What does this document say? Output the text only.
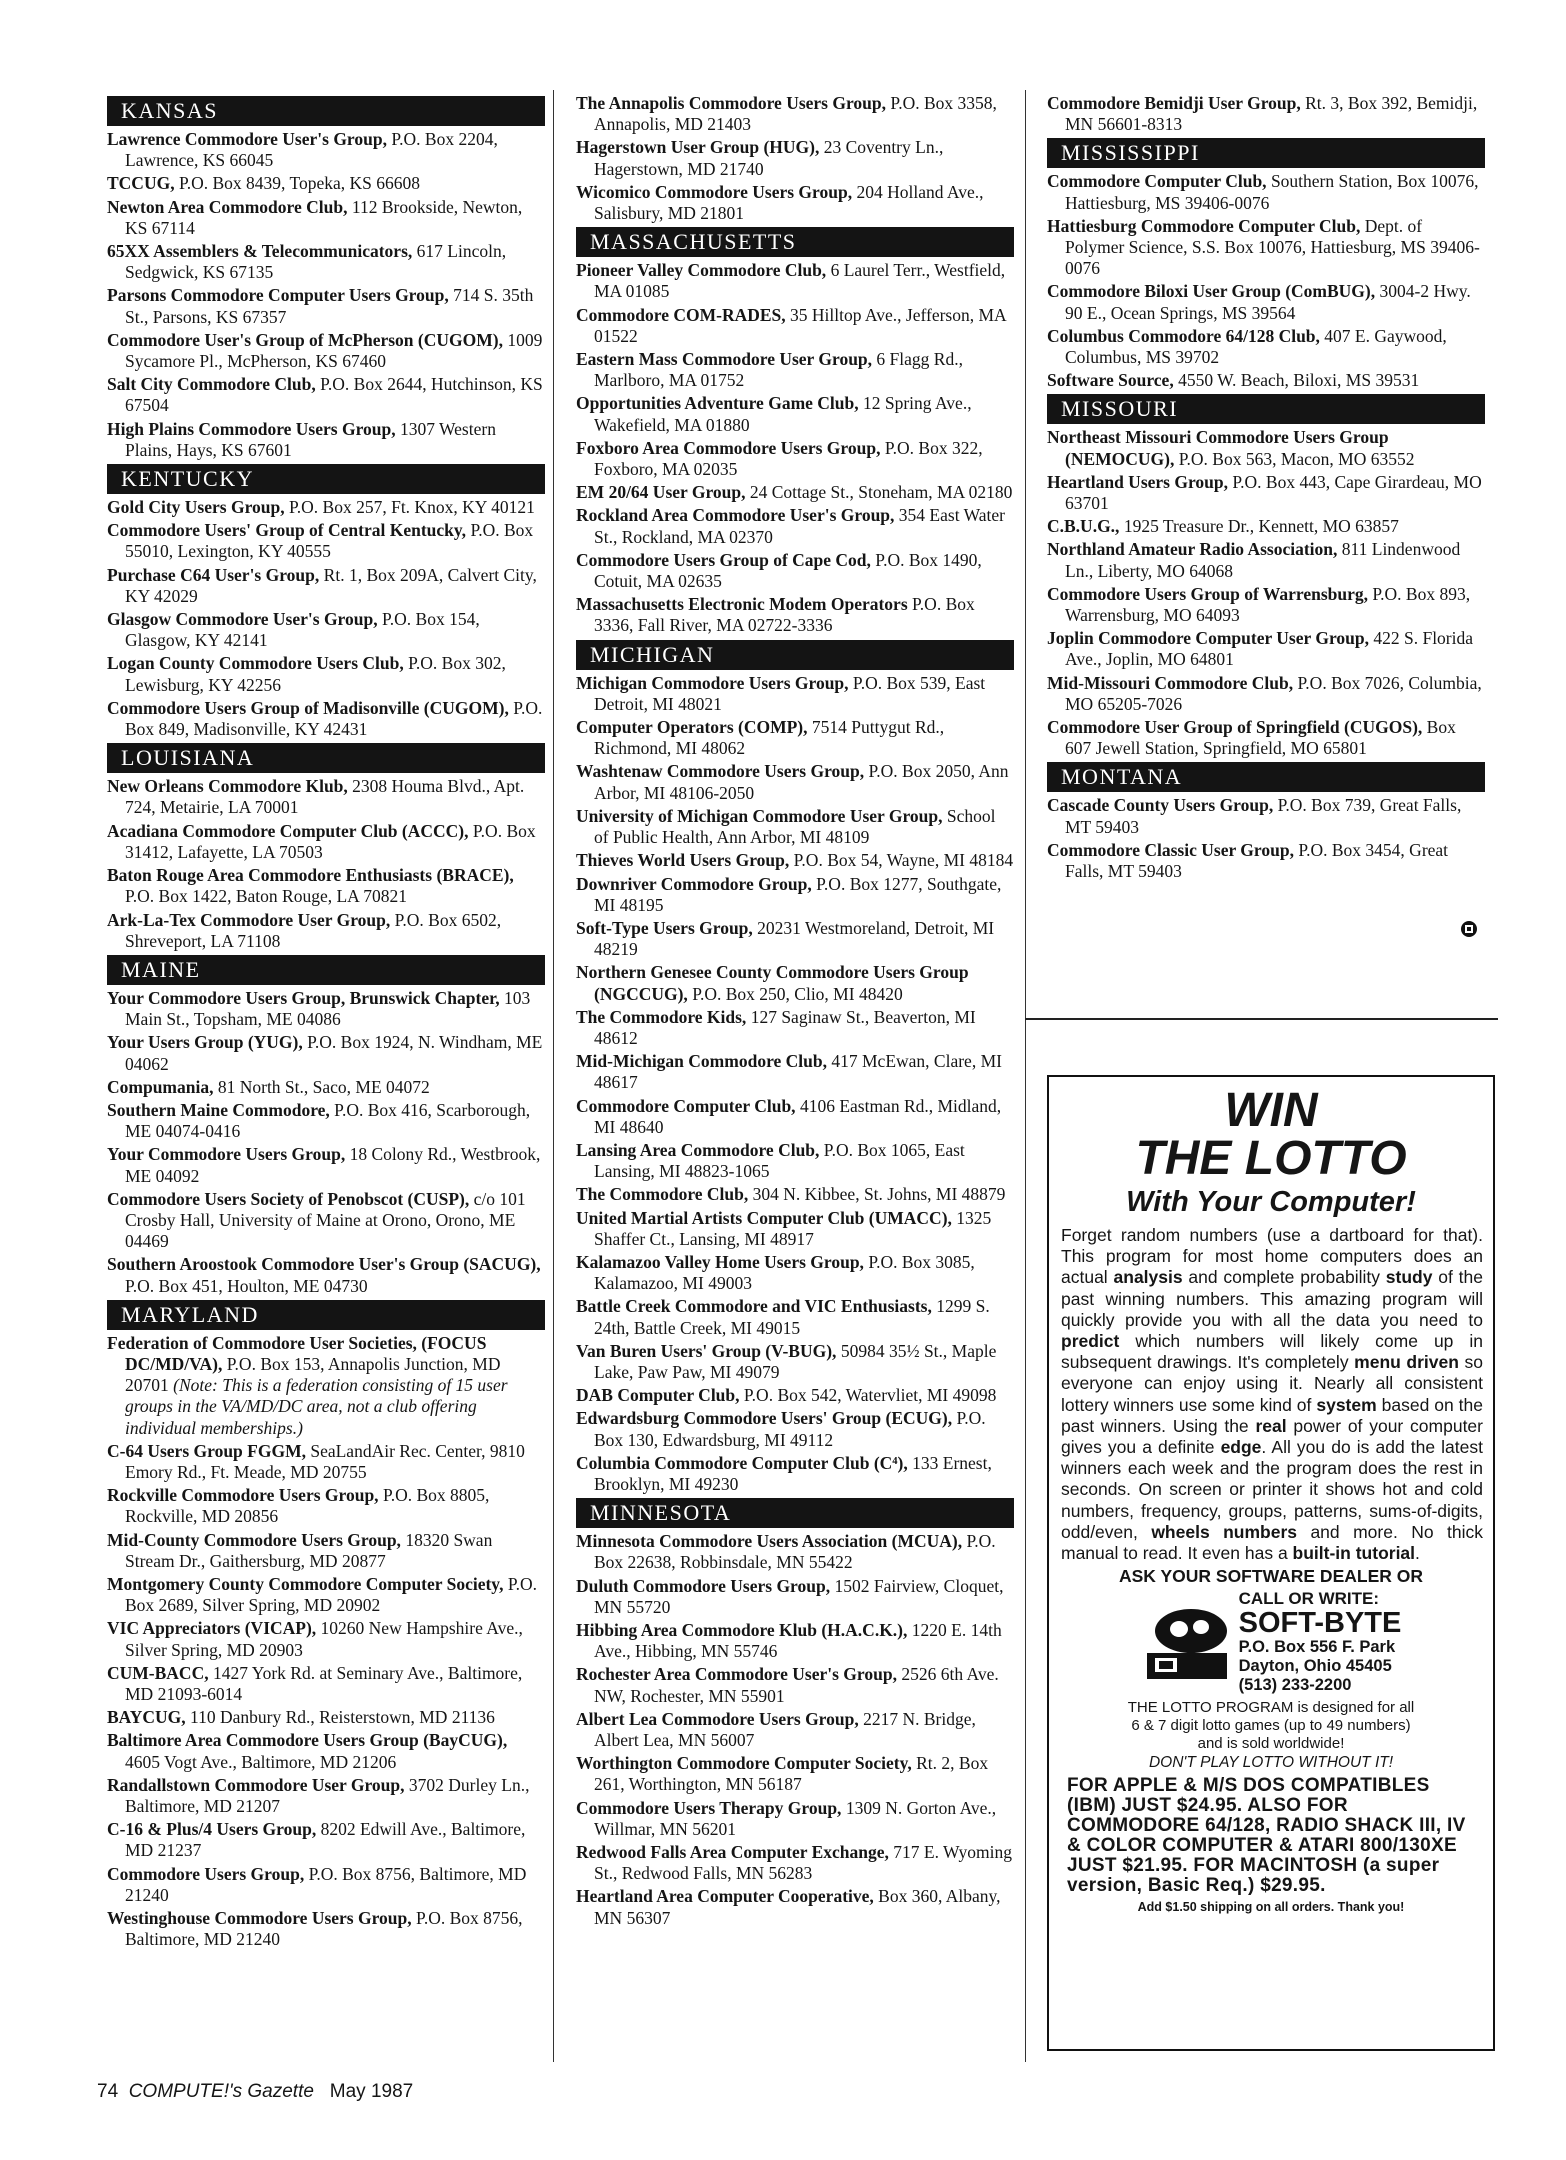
KANSAS
Lawrence Commodore User's Group, P.O. Box 2204, Lawrence, KS 66045
TCCUG, P.O. Box 8439, Topeka, KS 66608
Newton Area Commodore Club, 112 Brookside, Newton, KS 67114
65XX Assemblers & Telecommunicators, 617 Lincoln, Sedgwick, KS 67135
Parsons Commodore Computer Users Group, 714 S. 35th St., Parsons, KS 67357
Commodore User's Group of McPherson (CUGOM), 1009 Sycamore Pl., McPherson, KS 67460
Salt City Commodore Club, P.O. Box 2644, Hutchinson, KS 67504
High Plains Commodore Users Group, 1307 Western Plains, Hays, KS 67601
KENTUCKY
Gold City Users Group, P.O. Box 257, Ft. Knox, KY 40121
Commodore Users' Group of Central Kentucky, P.O. Box 55010, Lexington, KY 40555
Purchase C64 User's Group, Rt. 1, Box 209A, Calvert City, KY 42029
Glasgow Commodore User's Group, P.O. Box 154, Glasgow, KY 42141
Logan County Commodore Users Club, P.O. Box 302, Lewisburg, KY 42256
Commodore Users Group of Madisonville (CUGOM), P.O. Box 849, Madisonville, KY 42431
LOUISIANA
New Orleans Commodore Klub, 2308 Houma Blvd., Apt. 724, Metairie, LA 70001
Acadiana Commodore Computer Club (ACCC), P.O. Box 31412, Lafayette, LA 70503
Baton Rouge Area Commodore Enthusiasts (BRACE), P.O. Box 1422, Baton Rouge, LA 70821
Ark-La-Tex Commodore User Group, P.O. Box 6502, Shreveport, LA 71108
MAINE
Your Commodore Users Group, Brunswick Chapter, 103 Main St., Topsham, ME 04086
Your Users Group (YUG), P.O. Box 1924, N. Windham, ME 04062
Compumania, 81 North St., Saco, ME 04072
Southern Maine Commodore, P.O. Box 416, Scarborough, ME 04074-0416
Your Commodore Users Group, 18 Colony Rd., Westbrook, ME 04092
Commodore Users Society of Penobscot (CUSP), c/o 101 Crosby Hall, University of Maine at Orono, Orono, ME 04469
Southern Aroostook Commodore User's Group (SACUG), P.O. Box 451, Houlton, ME 04730
MARYLAND
Federation of Commodore User Societies, (FOCUS DC/MD/VA), P.O. Box 153, Annapolis Junction, MD 20701 (Note: This is a federation consisting of 15 user groups in the VA/MD/DC area, not a club offering individual memberships.)
C-64 Users Group FGGM, SeaLandAir Rec. Center, 9810 Emory Rd., Ft. Meade, MD 20755
Rockville Commodore Users Group, P.O. Box 8805, Rockville, MD 20856
Mid-County Commodore Users Group, 18320 Swan Stream Dr., Gaithersburg, MD 20877
Montgomery County Commodore Computer Society, P.O. Box 2689, Silver Spring, MD 20902
VIC Appreciators (VICAP), 10260 New Hampshire Ave., Silver Spring, MD 20903
CUM-BACC, 1427 York Rd. at Seminary Ave., Baltimore, MD 21093-6014
BAYCUG, 110 Danbury Rd., Reisterstown, MD 21136
Baltimore Area Commodore Users Group (BayCUG), 4605 Vogt Ave., Baltimore, MD 21206
Randallstown Commodore User Group, 3702 Durley Ln., Baltimore, MD 21207
C-16 & Plus/4 Users Group, 8202 Edwill Ave., Baltimore, MD 21237
Commodore Users Group, P.O. Box 8756, Baltimore, MD 21240
Westinghouse Commodore Users Group, P.O. Box 8756, Baltimore, MD 21240
The Annapolis Commodore Users Group, P.O. Box 3358, Annapolis, MD 21403
Hagerstown User Group (HUG), 23 Coventry Ln., Hagerstown, MD 21740
Wicomico Commodore Users Group, 204 Holland Ave., Salisbury, MD 21801
MASSACHUSETTS
Pioneer Valley Commodore Club, 6 Laurel Terr., Westfield, MA 01085
Commodore COM-RADES, 35 Hilltop Ave., Jefferson, MA 01522
Eastern Mass Commodore User Group, 6 Flagg Rd., Marlboro, MA 01752
Opportunities Adventure Game Club, 12 Spring Ave., Wakefield, MA 01880
Foxboro Area Commodore Users Group, P.O. Box 322, Foxboro, MA 02035
EM 20/64 User Group, 24 Cottage St., Stoneham, MA 02180
Rockland Area Commodore User's Group, 354 East Water St., Rockland, MA 02370
Commodore Users Group of Cape Cod, P.O. Box 1490, Cotuit, MA 02635
Massachusetts Electronic Modem Operators P.O. Box 3336, Fall River, MA 02722-3336
MICHIGAN
Michigan Commodore Users Group, P.O. Box 539, East Detroit, MI 48021
Computer Operators (COMP), 7514 Puttygut Rd., Richmond, MI 48062
Washtenaw Commodore Users Group, P.O. Box 2050, Ann Arbor, MI 48106-2050
University of Michigan Commodore User Group, School of Public Health, Ann Arbor, MI 48109
Thieves World Users Group, P.O. Box 54, Wayne, MI 48184
Downriver Commodore Group, P.O. Box 1277, Southgate, MI 48195
Soft-Type Users Group, 20231 Westmoreland, Detroit, MI 48219
Northern Genesee County Commodore Users Group (NGCCUG), P.O. Box 250, Clio, MI 48420
The Commodore Kids, 127 Saginaw St., Beaverton, MI 48612
Mid-Michigan Commodore Club, 417 McEwan, Clare, MI 48617
Commodore Computer Club, 4106 Eastman Rd., Midland, MI 48640
Lansing Area Commodore Club, P.O. Box 1065, East Lansing, MI 48823-1065
The Commodore Club, 304 N. Kibbee, St. Johns, MI 48879
United Martial Artists Computer Club (UMACC), 1325 Shaffer Ct., Lansing, MI 48917
Kalamazoo Valley Home Users Group, P.O. Box 3085, Kalamazoo, MI 49003
Battle Creek Commodore and VIC Enthusiasts, 1299 S. 24th, Battle Creek, MI 49015
Van Buren Users' Group (V-BUG), 50984 35½ St., Maple Lake, Paw Paw, MI 49079
DAB Computer Club, P.O. Box 542, Watervliet, MI 49098
Edwardsburg Commodore Users' Group (ECUG), P.O. Box 130, Edwardsburg, MI 49112
Columbia Commodore Computer Club (C⁴), 133 Ernest, Brooklyn, MI 49230
MINNESOTA
Minnesota Commodore Users Association (MCUA), P.O. Box 22638, Robbinsdale, MN 55422
Duluth Commodore Users Group, 1502 Fairview, Cloquet, MN 55720
Hibbing Area Commodore Klub (H.A.C.K.), 1220 E. 14th Ave., Hibbing, MN 55746
Rochester Area Commodore User's Group, 2526 6th Ave. NW, Rochester, MN 55901
Albert Lea Commodore Users Group, 2217 N. Bridge, Albert Lea, MN 56007
Worthington Commodore Computer Society, Rt. 2, Box 261, Worthington, MN 56187
Commodore Users Therapy Group, 1309 N. Gorton Ave., Willmar, MN 56201
Redwood Falls Area Computer Exchange, 717 E. Wyoming St., Redwood Falls, MN 56283
Heartland Area Computer Cooperative, Box 360, Albany, MN 56307
Commodore Bemidji User Group, Rt. 3, Box 392, Bemidji, MN 56601-8313
MISSISSIPPI
Commodore Computer Club, Southern Station, Box 10076, Hattiesburg, MS 39406-0076
Hattiesburg Commodore Computer Club, Dept. of Polymer Science, S.S. Box 10076, Hattiesburg, MS 39406-0076
Commodore Biloxi User Group (ComBUG), 3004-2 Hwy. 90 E., Ocean Springs, MS 39564
Columbus Commodore 64/128 Club, 407 E. Gaywood, Columbus, MS 39702
Software Source, 4550 W. Beach, Biloxi, MS 39531
MISSOURI
Northeast Missouri Commodore Users Group (NEMOCUG), P.O. Box 563, Macon, MO 63552
Heartland Users Group, P.O. Box 443, Cape Girardeau, MO 63701
C.B.U.G., 1925 Treasure Dr., Kennett, MO 63857
Northland Amateur Radio Association, 811 Lindenwood Ln., Liberty, MO 64068
Commodore Users Group of Warrensburg, P.O. Box 893, Warrensburg, MO 64093
Joplin Commodore Computer User Group, 422 S. Florida Ave., Joplin, MO 64801
Mid-Missouri Commodore Club, P.O. Box 7026, Columbia, MO 65205-7026
Commodore User Group of Springfield (CUGOS), Box 607 Jewell Station, Springfield, MO 65801
MONTANA
Cascade County Users Group, P.O. Box 739, Great Falls, MT 59403
Commodore Classic User Group, P.O. Box 3454, Great Falls, MT 59403
WIN
THE LOTTO
With Your Computer!
Forget random numbers (use a dartboard for that). This program for most home computers does an actual analysis and complete probability study of the past winning numbers. This amazing program will quickly provide you with all the data you need to predict which numbers will likely come up in subsequent drawings. It's completely menu driven so everyone can enjoy using it. Nearly all consistent lottery winners use some kind of system based on the past winners. Using the real power of your computer gives you a definite edge. All you do is add the latest winners each week and the program does the rest in seconds. On screen or printer it shows hot and cold numbers, frequency, groups, patterns, sums-of-digits, odd/even, wheels numbers and more. No thick manual to read. It even has a built-in tutorial.
ASK YOUR SOFTWARE DEALER OR
CALL OR WRITE:
SOFT-BYTE
P.O. Box 556 F. Park
Dayton, Ohio 45405
(513) 233-2200
THE LOTTO PROGRAM is designed for all
6 & 7 digit lotto games (up to 49 numbers)
and is sold worldwide!
DON'T PLAY LOTTO WITHOUT IT!
FOR APPLE & M/S DOS COMPATIBLES (IBM) JUST $24.95. ALSO FOR COMMODORE 64/128, RADIO SHACK III, IV & COLOR COMPUTER & ATARI 800/130XE JUST $21.95. FOR MACINTOSH (a super version, Basic Req.) $29.95.
Add $1.50 shipping on all orders. Thank you!
74 COMPUTE!'s Gazette May 1987
